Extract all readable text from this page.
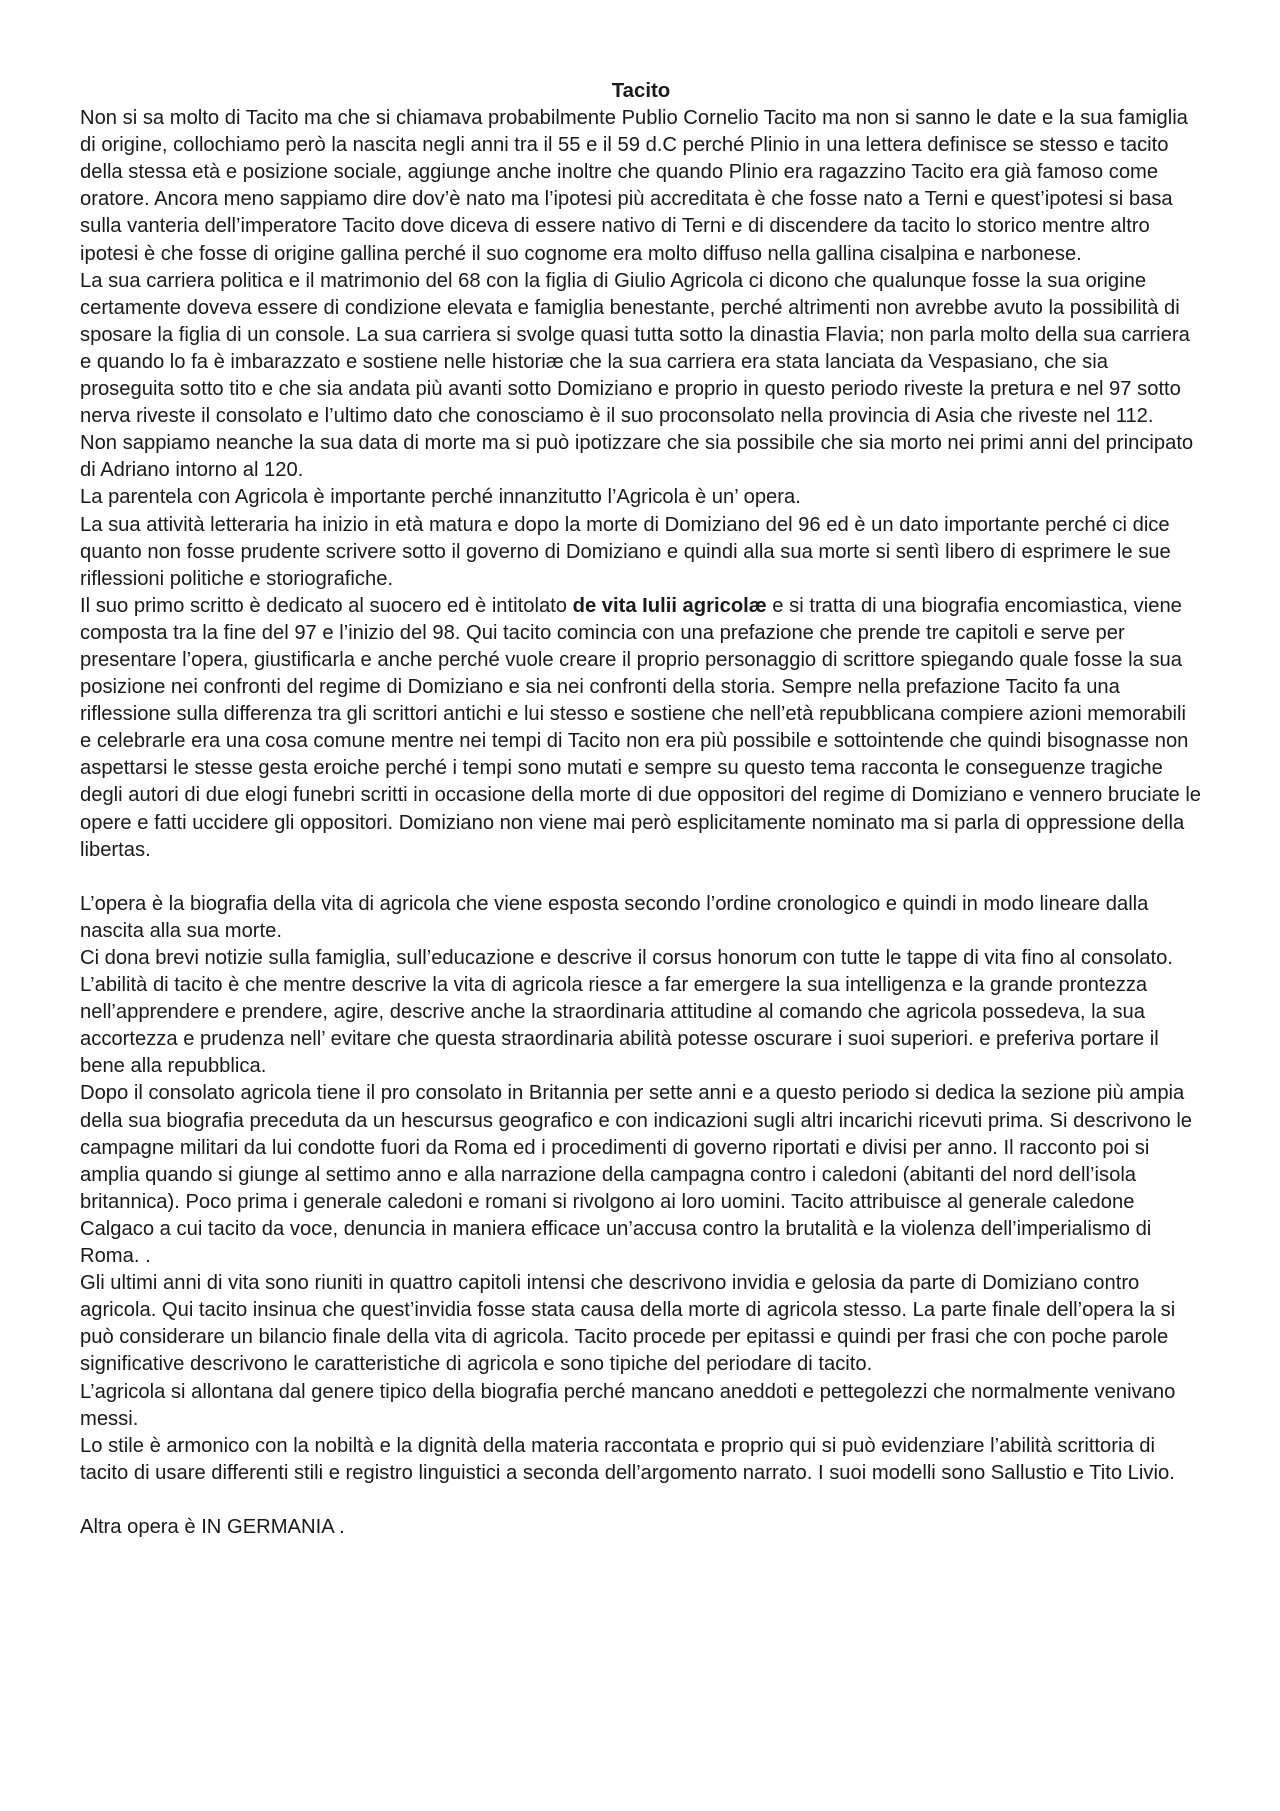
Tacito

Non si sa molto di Tacito ma che si chiamava probabilmente Publio Cornelio Tacito ma non si sanno le date e la sua famiglia di origine, collochiamo però la nascita negli anni tra il 55 e il 59 d.C perché Plinio in una lettera definisce se stesso e tacito della stessa età e posizione sociale, aggiunge anche inoltre che quando Plinio era ragazzino Tacito era già famoso come oratore. Ancora meno sappiamo dire dov’è nato ma l’ipotesi più accreditata è che fosse nato a Terni e quest’ipotesi si basa sulla vanteria dell’imperatore Tacito dove diceva di essere nativo di Terni e di discendere da tacito lo storico mentre altro ipotesi è che fosse di origine gallina perché il suo cognome era molto diffuso nella gallina cisalpina e narbonese.

La sua carriera politica e il matrimonio del 68 con la figlia di Giulio Agricola ci dicono che qualunque fosse la sua origine certamente doveva essere di condizione elevata e famiglia benestante, perché altrimenti non avrebbe avuto la possibilità di sposare la figlia di un console. La sua carriera si svolge quasi tutta sotto la dinastia Flavia; non parla molto della sua carriera e quando lo fa è imbarazzato e sostiene nelle historiæ che la sua carriera era stata lanciata da Vespasiano, che sia proseguita sotto tito e che sia andata più avanti sotto Domiziano e proprio in questo periodo riveste la pretura e nel 97 sotto nerva riveste il consolato e l’ultimo dato che conosciamo è il suo proconsolato nella provincia di Asia che riveste nel 112.

Non sappiamo neanche la sua data di morte ma si può ipotizzare che sia possibile che sia morto nei primi anni del principato di Adriano intorno al 120.

La parentela con Agricola è importante perché innanzitutto l’Agricola è un’ opera.

La sua attività letteraria ha inizio in età matura e dopo la morte di Domiziano del 96 ed è un dato importante perché ci dice quanto non fosse prudente scrivere sotto il governo di Domiziano e quindi alla sua morte si sentì libero di esprimere le sue riflessioni politiche e storiografiche.

Il suo primo scritto è dedicato al suocero ed è intitolato de vita Iulii agricolæ e si tratta di una biografia encomiastica, viene composta tra la fine del 97 e l’inizio del 98. Qui tacito comincia con una prefazione che prende tre capitoli e serve per presentare l’opera, giustificarla e anche perché vuole creare il proprio personaggio di scrittore spiegando quale fosse la sua posizione nei confronti del regime di Domiziano e sia nei confronti della storia. Sempre nella prefazione Tacito fa una riflessione sulla differenza tra gli scrittori antichi e lui stesso e sostiene che nell’età repubblicana compiere azioni memorabili e celebrarle era una cosa comune mentre nei tempi di Tacito non era più possibile e sottointende che quindi bisognasse non aspettarsi le stesse gesta eroiche perché i tempi sono mutati e sempre su questo tema racconta le conseguenze tragiche degli autori di due elogi funebri scritti in occasione della morte di due oppositori del regime di Domiziano e vennero bruciate le opere e fatti uccidere gli oppositori. Domiziano non viene mai però esplicitamente nominato ma si parla di oppressione della libertas.

L’opera è la biografia della vita di agricola che viene esposta secondo l’ordine cronologico e quindi in modo lineare dalla nascita alla sua morte.

Ci dona brevi notizie sulla famiglia, sull’educazione e descrive il corsus honorum con tutte le tappe di vita fino al consolato.

L’abilità di tacito è che mentre descrive la vita di agricola riesce a far emergere la sua intelligenza e la grande prontezza nell’apprendere e prendere, agire, descrive anche la straordinaria attitudine al comando che agricola possedeva, la sua accortezza e prudenza nell’ evitare che questa straordinaria abilità potesse oscurare i suoi superiori. e preferiva portare il bene alla repubblica.

Dopo il consolato agricola tiene il pro consolato in Britannia per sette anni e a questo periodo si dedica la sezione più ampia della sua biografia preceduta da un hescursus geografico e con indicazioni sugli altri incarichi ricevuti prima. Si descrivono le campagne militari da lui condotte fuori da Roma ed i procedimenti di governo riportati e divisi per anno. Il racconto poi si amplia quando si giunge al settimo anno e alla narrazione della campagna contro i caledoni (abitanti del nord dell’isola britannica). Poco prima i generale caledoni e romani si rivolgono ai loro uomini. Tacito attribuisce al generale caledone Calgaco a cui tacito da voce, denuncia in maniera efficace un’accusa contro la brutalità e la violenza dell’imperialismo di Roma. .

Gli ultimi anni di vita sono riuniti in quattro capitoli intensi che descrivono invidia e gelosia da parte di Domiziano contro agricola. Qui tacito insinua che quest’invidia fosse stata causa della morte di agricola stesso. La parte finale dell’opera la si può considerare un bilancio finale della vita di agricola. Tacito procede per epitassi e quindi per frasi che con poche parole significative descrivono le caratteristiche di agricola e sono tipiche del periodare di tacito.

L’agricola si allontana dal genere tipico della biografia perché mancano aneddoti e pettegolezzi che normalmente venivano messi.

Lo stile è armonico con la nobiltà e la dignità della materia raccontata e proprio qui si può evidenziare l’abilità scrittoria di tacito di usare differenti stili e registro linguistici a seconda dell’argomento narrato. I suoi modelli sono Sallustio e Tito Livio.

Altra opera è IN GERMANIA .
